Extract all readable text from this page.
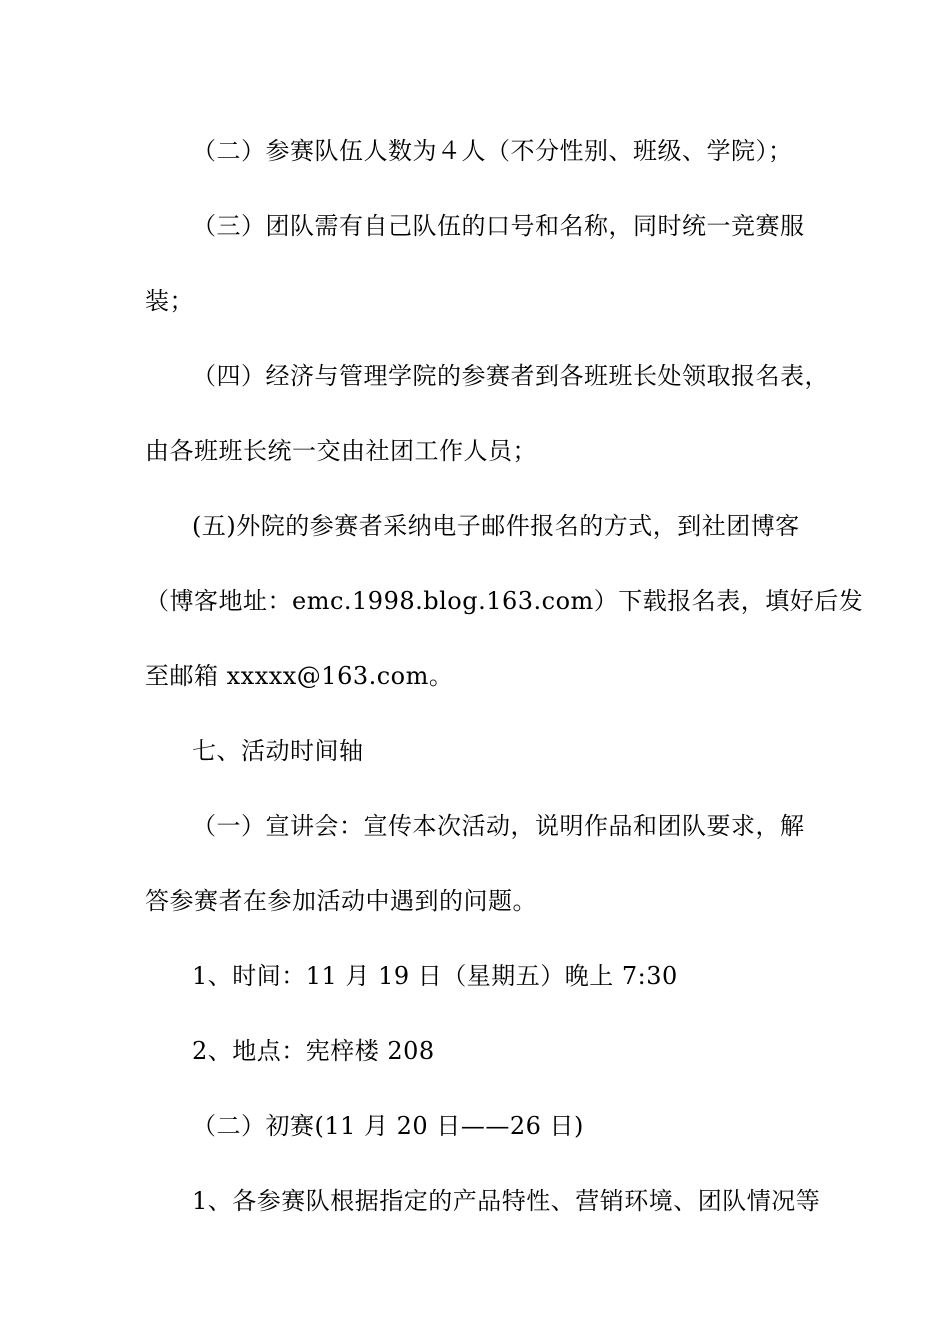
（二）参赛队伍人数为４人（不分性别、班级、学院）；
（三）团队需有自己队伍的口号和名称，同时统一竞赛服
装；
（四）经济与管理学院的参赛者到各班班长处领取报名表，
由各班班长统一交由社团工作人员；
(五)外院的参赛者采纳电子邮件报名的方式，到社团博客
（博客地址：emc.1998.blog.163.com）下载报名表，填好后发
至邮箱 xxxxx@163.com。
七、活动时间轴
（一）宣讲会：宣传本次活动，说明作品和团队要求，解
答参赛者在参加活动中遇到的问题。
1、时间：11 月 19 日（星期五）晚上 7:30
2、地点：宪梓楼 208
（二）初赛(11 月 20 日——26 日)
1、各参赛队根据指定的产品特性、营销环境、团队情况等
